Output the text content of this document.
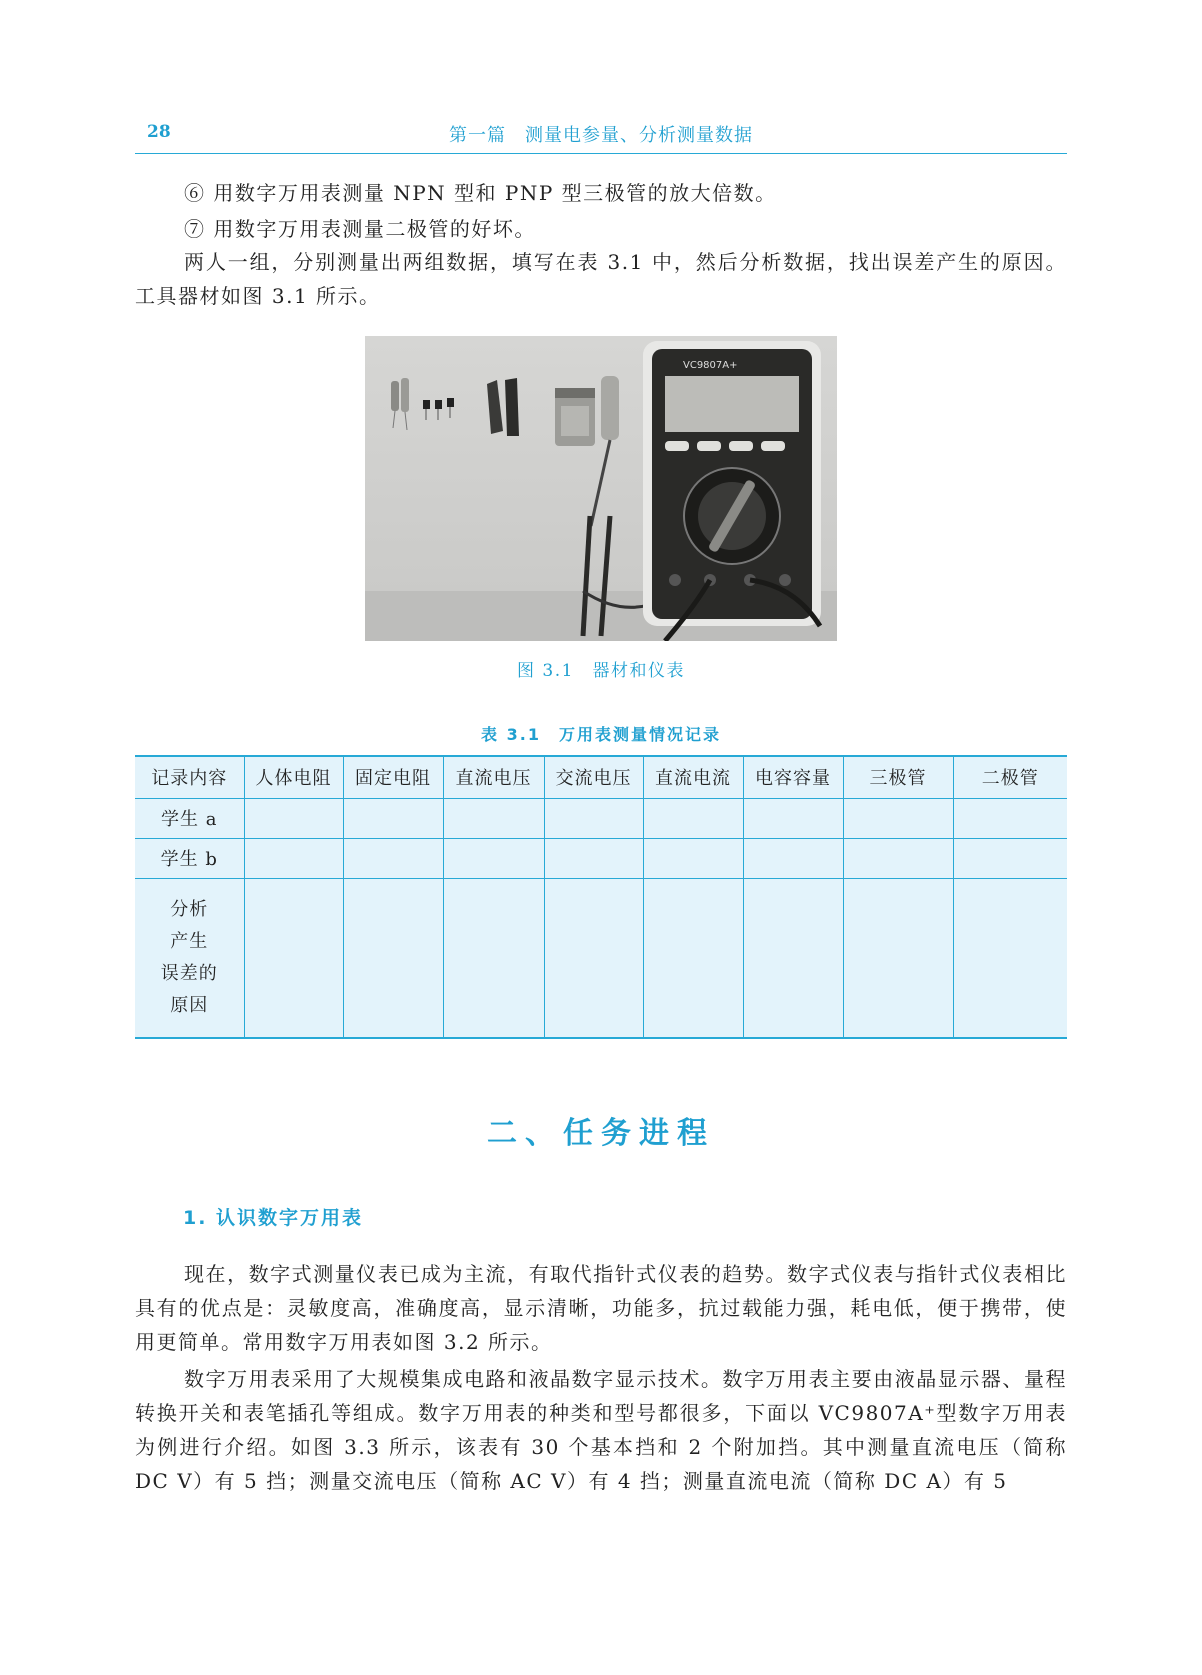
28	第一篇　测量电参量、分析测量数据

⑥ 用数字万用表测量 NPN 型和 PNP 型三极管的放大倍数。

⑦ 用数字万用表测量二极管的好坏。

两人一组，分别测量出两组数据，填写在表 3.1 中，然后分析数据，找出误差产生的原因。工具器材如图 3.1 所示。

VC9807A+
图 3.1　器材和仪表
表 3.1　万用表测量情况记录
记录内容	人体电阻	固定电阻	直流电压	交流电压	直流电流	电容容量	三极管	二极管
学生 a								
学生 b								
分析
产生
误差的
原因								
二、任务进程
1. 认识数字万用表

现在，数字式测量仪表已成为主流，有取代指针式仪表的趋势。数字式仪表与指针式仪表相比具有的优点是：灵敏度高，准确度高，显示清晰，功能多，抗过载能力强，耗电低，便于携带，使用更简单。常用数字万用表如图 3.2 所示。

数字万用表采用了大规模集成电路和液晶数字显示技术。数字万用表主要由液晶显示器、量程转换开关和表笔插孔等组成。数字万用表的种类和型号都很多，下面以 VC9807A⁺型数字万用表为例进行介绍。如图 3.3 所示，该表有 30 个基本挡和 2 个附加挡。其中测量直流电压（简称 DC V）有 5 挡；测量交流电压（简称 AC V）有 4 挡；测量直流电流（简称 DC A）有 5
